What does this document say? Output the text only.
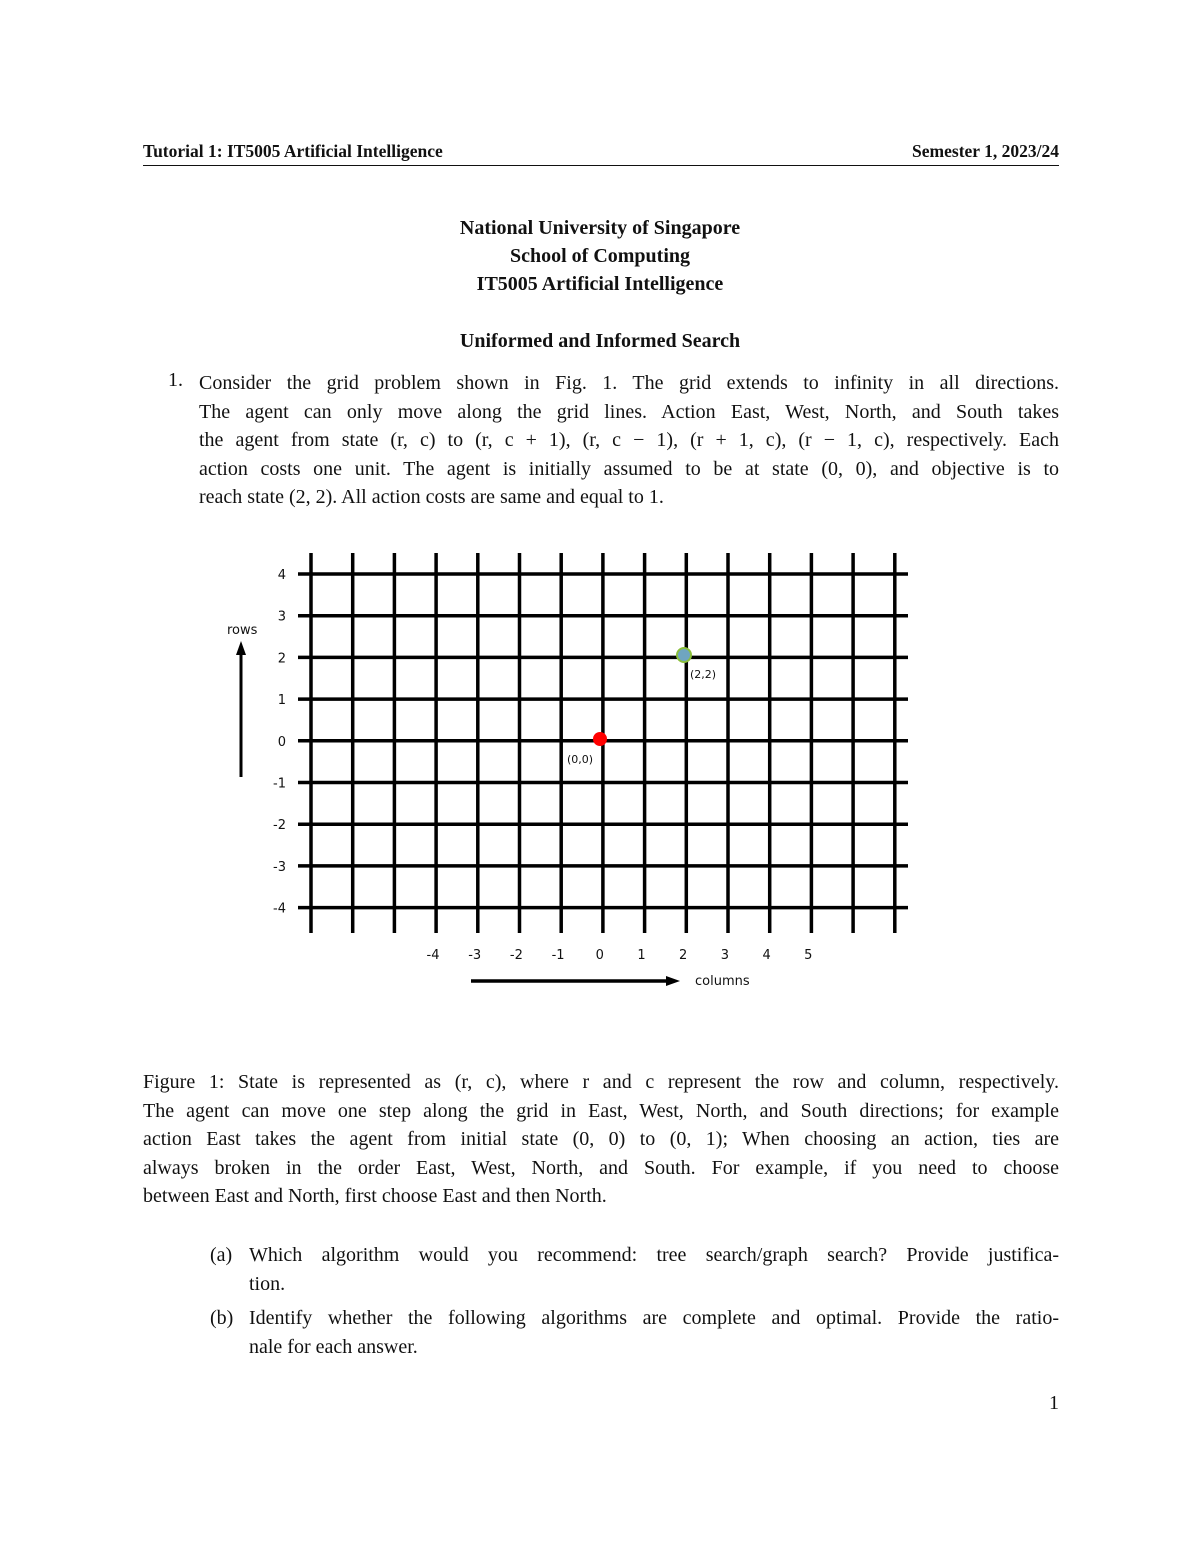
Tutorial 1: IT5005 Artificial Intelligence	Semester 1, 2023/24
National University of Singapore
School of Computing
IT5005 Artificial Intelligence
Uniformed and Informed Search
1. Consider the grid problem shown in Fig. 1. The grid extends to infinity in all directions.
The agent can only move along the grid lines. Action East, West, North, and South takes
the agent from state (r, c) to (r, c + 1), (r, c − 1), (r + 1, c), (r − 1, c), respectively. Each
action costs one unit. The agent is initially assumed to be at state (0, 0), and objective is to
reach state (2, 2). All action costs are same and equal to 1.
rows
columns
4
3
2
1
0
-1
-2
-3
-4
-4 -3 -2 -1 0	1	2	3	4	5
(0,0)
(2,2)
Figure 1: State is represented as (r, c), where r and c represent the row and column, respectively.
The agent can move one step along the grid in East, West, North, and South directions; for example
action East takes the agent from initial state (0, 0) to (0, 1); When choosing an action, ties are
always broken in the order East, West, North, and South. For example, if you need to choose
between East and North, first choose East and then North.
(a) Which algorithm would you recommend: tree search/graph search? Provide justifica-
tion.
(b) Identify whether the following algorithms are complete and optimal. Provide the ratio-
nale for each answer.
1
